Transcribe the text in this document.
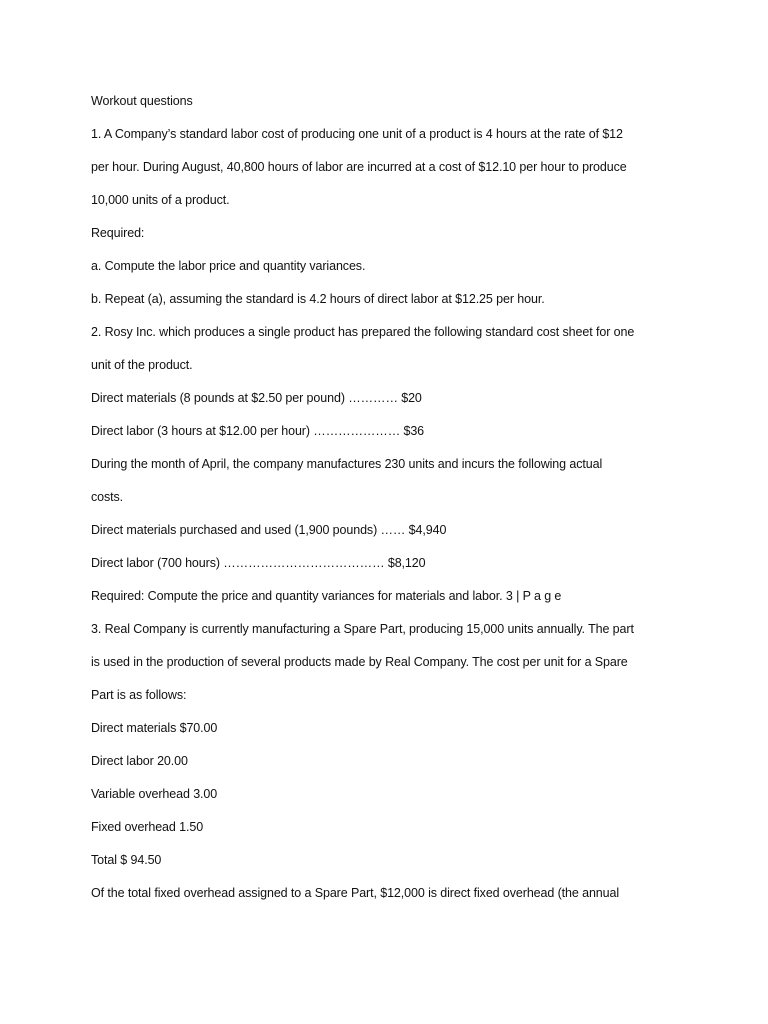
Workout questions
1. A Company’s standard labor cost of producing one unit of a product is 4 hours at the rate of $12
per hour. During August, 40,800 hours of labor are incurred at a cost of $12.10 per hour to produce
10,000 units of a product.
Required:
a. Compute the labor price and quantity variances.
b. Repeat (a), assuming the standard is 4.2 hours of direct labor at $12.25 per hour.
2. Rosy Inc. which produces a single product has prepared the following standard cost sheet for one
unit of the product.
Direct materials (8 pounds at $2.50 per pound) ………… $20
Direct labor (3 hours at $12.00 per hour) ………………… $36
During the month of April, the company manufactures 230 units and incurs the following actual
costs.
Direct materials purchased and used (1,900 pounds) …… $4,940
Direct labor (700 hours) ………………………………… $8,120
Required: Compute the price and quantity variances for materials and labor. 3 | P a g e
3. Real Company is currently manufacturing a Spare Part, producing 15,000 units annually. The part
is used in the production of several products made by Real Company. The cost per unit for a Spare
Part is as follows:
Direct materials $70.00
Direct labor 20.00
Variable overhead 3.00
Fixed overhead 1.50
Total $ 94.50
Of the total fixed overhead assigned to a Spare Part, $12,000 is direct fixed overhead (the annual
